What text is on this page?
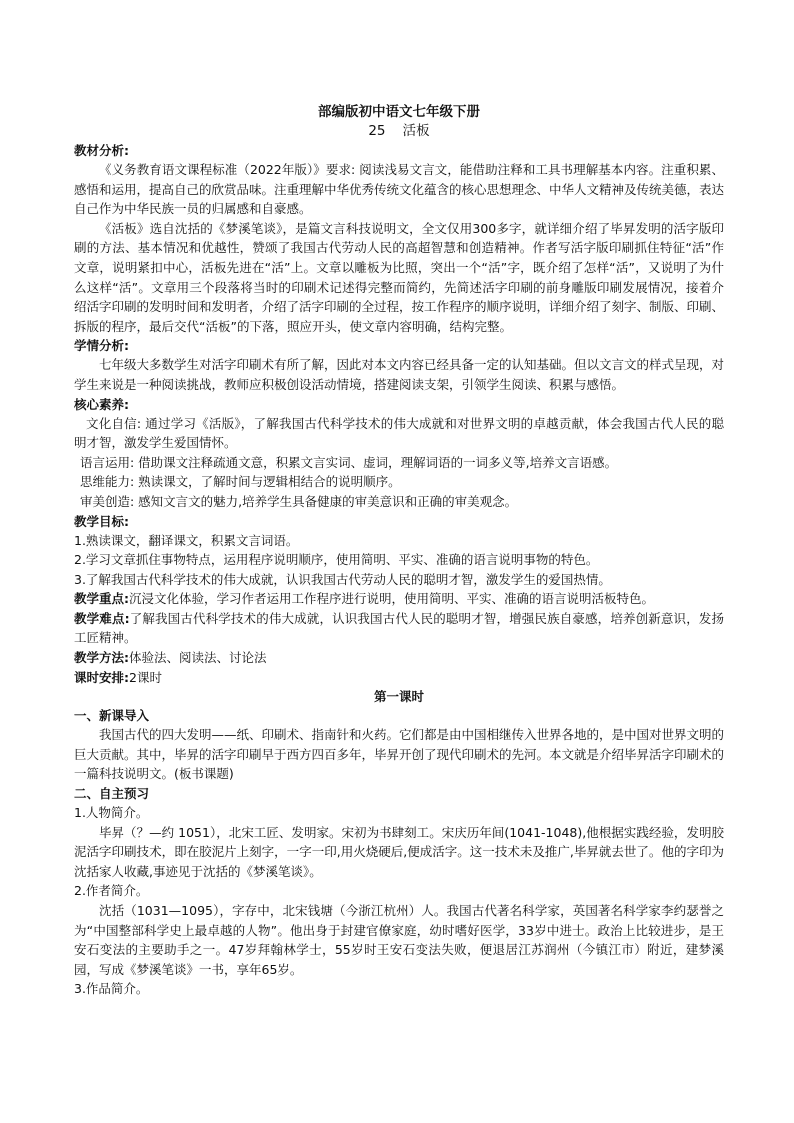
部编版初中语文七年级下册
25 活板
教材分析:

《义务教育语文课程标准（2022年版）》要求: 阅读浅易文言文，能借助注释和工具书理解基本内容。注重积累、感悟和运用，提高自己的欣赏品味。注重理解中华优秀传统文化蕴含的核心思想理念、中华人文精神及传统美德，表达自己作为中华民族一员的归属感和自豪感。

《活板》选自沈括的《梦溪笔谈》，是篇文言科技说明文，全文仅用300多字，就详细介绍了毕昇发明的活字版印刷的方法、基本情况和优越性，赞颂了我国古代劳动人民的高超智慧和创造精神。作者写活字版印刷抓住特征“活”作文章，说明紧扣中心，活板先进在“活”上。文章以雕板为比照，突出一个“活”字，既介绍了怎样“活”，又说明了为什么这样“活”。文章用三个段落将当时的印刷术记述得完整而简约，先简述活字印刷的前身雕版印刷发展情况，接着介绍活字印刷的发明时间和发明者，介绍了活字印刷的全过程，按工作程序的顺序说明，详细介绍了刻字、制版、印刷、拆版的程序，最后交代“活板”的下落，照应开头，使文章内容明确，结构完整。

学情分析:

七年级大多数学生对活字印刷术有所了解，因此对本文内容已经具备一定的认知基础。但以文言文的样式呈现，对学生来说是一种阅读挑战，教师应积极创设活动情境，搭建阅读支架，引领学生阅读、积累与感悟。

核心素养:

文化自信: 通过学习《活版》，了解我国古代科学技术的伟大成就和对世界文明的卓越贡献，体会我国古代人民的聪明才智，激发学生爱国情怀。

语言运用: 借助课文注释疏通文意，积累文言实词、虚词，理解词语的一词多义等,培养文言语感。

思维能力: 熟读课文，了解时间与逻辑相结合的说明顺序。

审美创造: 感知文言文的魅力,培养学生具备健康的审美意识和正确的审美观念。

教学目标:

1.熟读课文，翻译课文，积累文言词语。

2.学习文章抓住事物特点，运用程序说明顺序，使用简明、平实、准确的语言说明事物的特色。

3.了解我国古代科学技术的伟大成就，认识我国古代劳动人民的聪明才智，激发学生的爱国热情。

教学重点:沉浸文化体验，学习作者运用工作程序进行说明，使用简明、平实、准确的语言说明活板特色。

教学难点:了解我国古代科学技术的伟大成就，认识我国古代人民的聪明才智，增强民族自豪感，培养创新意识，发扬工匠精神。

教学方法:体验法、阅读法、讨论法

课时安排:2课时

第一课时
一、新课导入

我国古代的四大发明——纸、印刷术、指南针和火药。它们都是由中国相继传入世界各地的，是中国对世界文明的巨大贡献。其中，毕昇的活字印刷早于西方四百多年，毕昇开创了现代印刷术的先河。本文就是介绍毕昇活字印刷术的一篇科技说明文。(板书课题)

二、自主预习

1.人物简介。

毕昇（？—约 1051），北宋工匠、发明家。宋初为书肆刻工。宋庆历年间(1041-1048),他根据实践经验，发明胶泥活字印刷技术，即在胶泥片上刻字，一字一印,用火烧硬后,便成活字。这一技术未及推广,毕昇就去世了。他的字印为沈括家人收藏,事迹见于沈括的《梦溪笔谈》。

2.作者简介。

沈括（1031—1095），字存中，北宋钱塘（今浙江杭州）人。我国古代著名科学家，英国著名科学家李约瑟誉之为“中国整部科学史上最卓越的人物”。他出身于封建官僚家庭，幼时嗜好医学，33岁中进士。政治上比较进步，是王安石变法的主要助手之一。47岁拜翰林学士，55岁时王安石变法失败，便退居江苏润州（今镇江市）附近，建梦溪园，写成《梦溪笔谈》一书，享年65岁。

3.作品简介。
